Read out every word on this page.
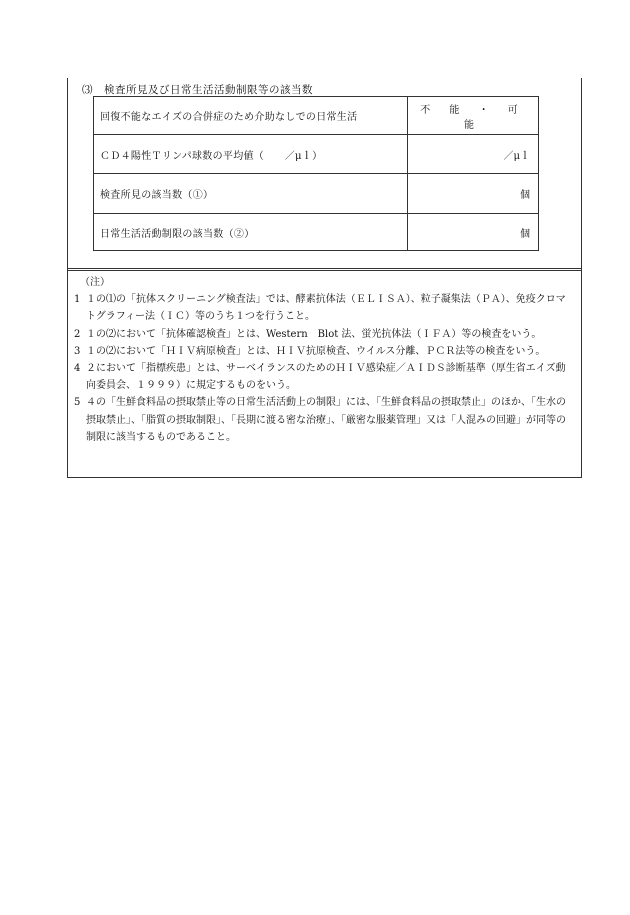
⑶　検査所見及び日常生活活動制限等の該当数
回復不能なエイズの合併症のため介助なしでの日常生活	不 能 ・ 可 能
ＣＤ４陽性Ｔリンパ球数の平均値（　　／μｌ）	／μｌ
検査所見の該当数（①）	個
日常生活活動制限の該当数（②）	個
（注）
1 １の⑴の「抗体スクリーニング検査法」では、酵素抗体法（ＥＬＩＳＡ）、粒子凝集法（ＰＡ）、免疫クロマトグラフィー法（ＩＣ）等のうち１つを行うこと。
2 １の⑵において「抗体確認検査」とは、Western　Blot 法、蛍光抗体法（ＩＦＡ）等の検査をいう。
3 １の⑵において「ＨＩＶ病原検査」とは、ＨＩＶ抗原検査、ウイルス分離、ＰＣＲ法等の検査をいう。
4 ２において「指標疾患」とは、サーベイランスのためのＨＩＶ感染症／ＡＩＤＳ診断基準（厚生省エイズ動向委員会、１９９９）に規定するものをいう。
5 ４の「生鮮食料品の摂取禁止等の日常生活活動上の制限」には、「生鮮食料品の摂取禁止」のほか、「生水の摂取禁止」、「脂質の摂取制限」、「長期に渡る密な治療」、「厳密な服薬管理」又は「人混みの回避」が同等の制限に該当するものであること。
